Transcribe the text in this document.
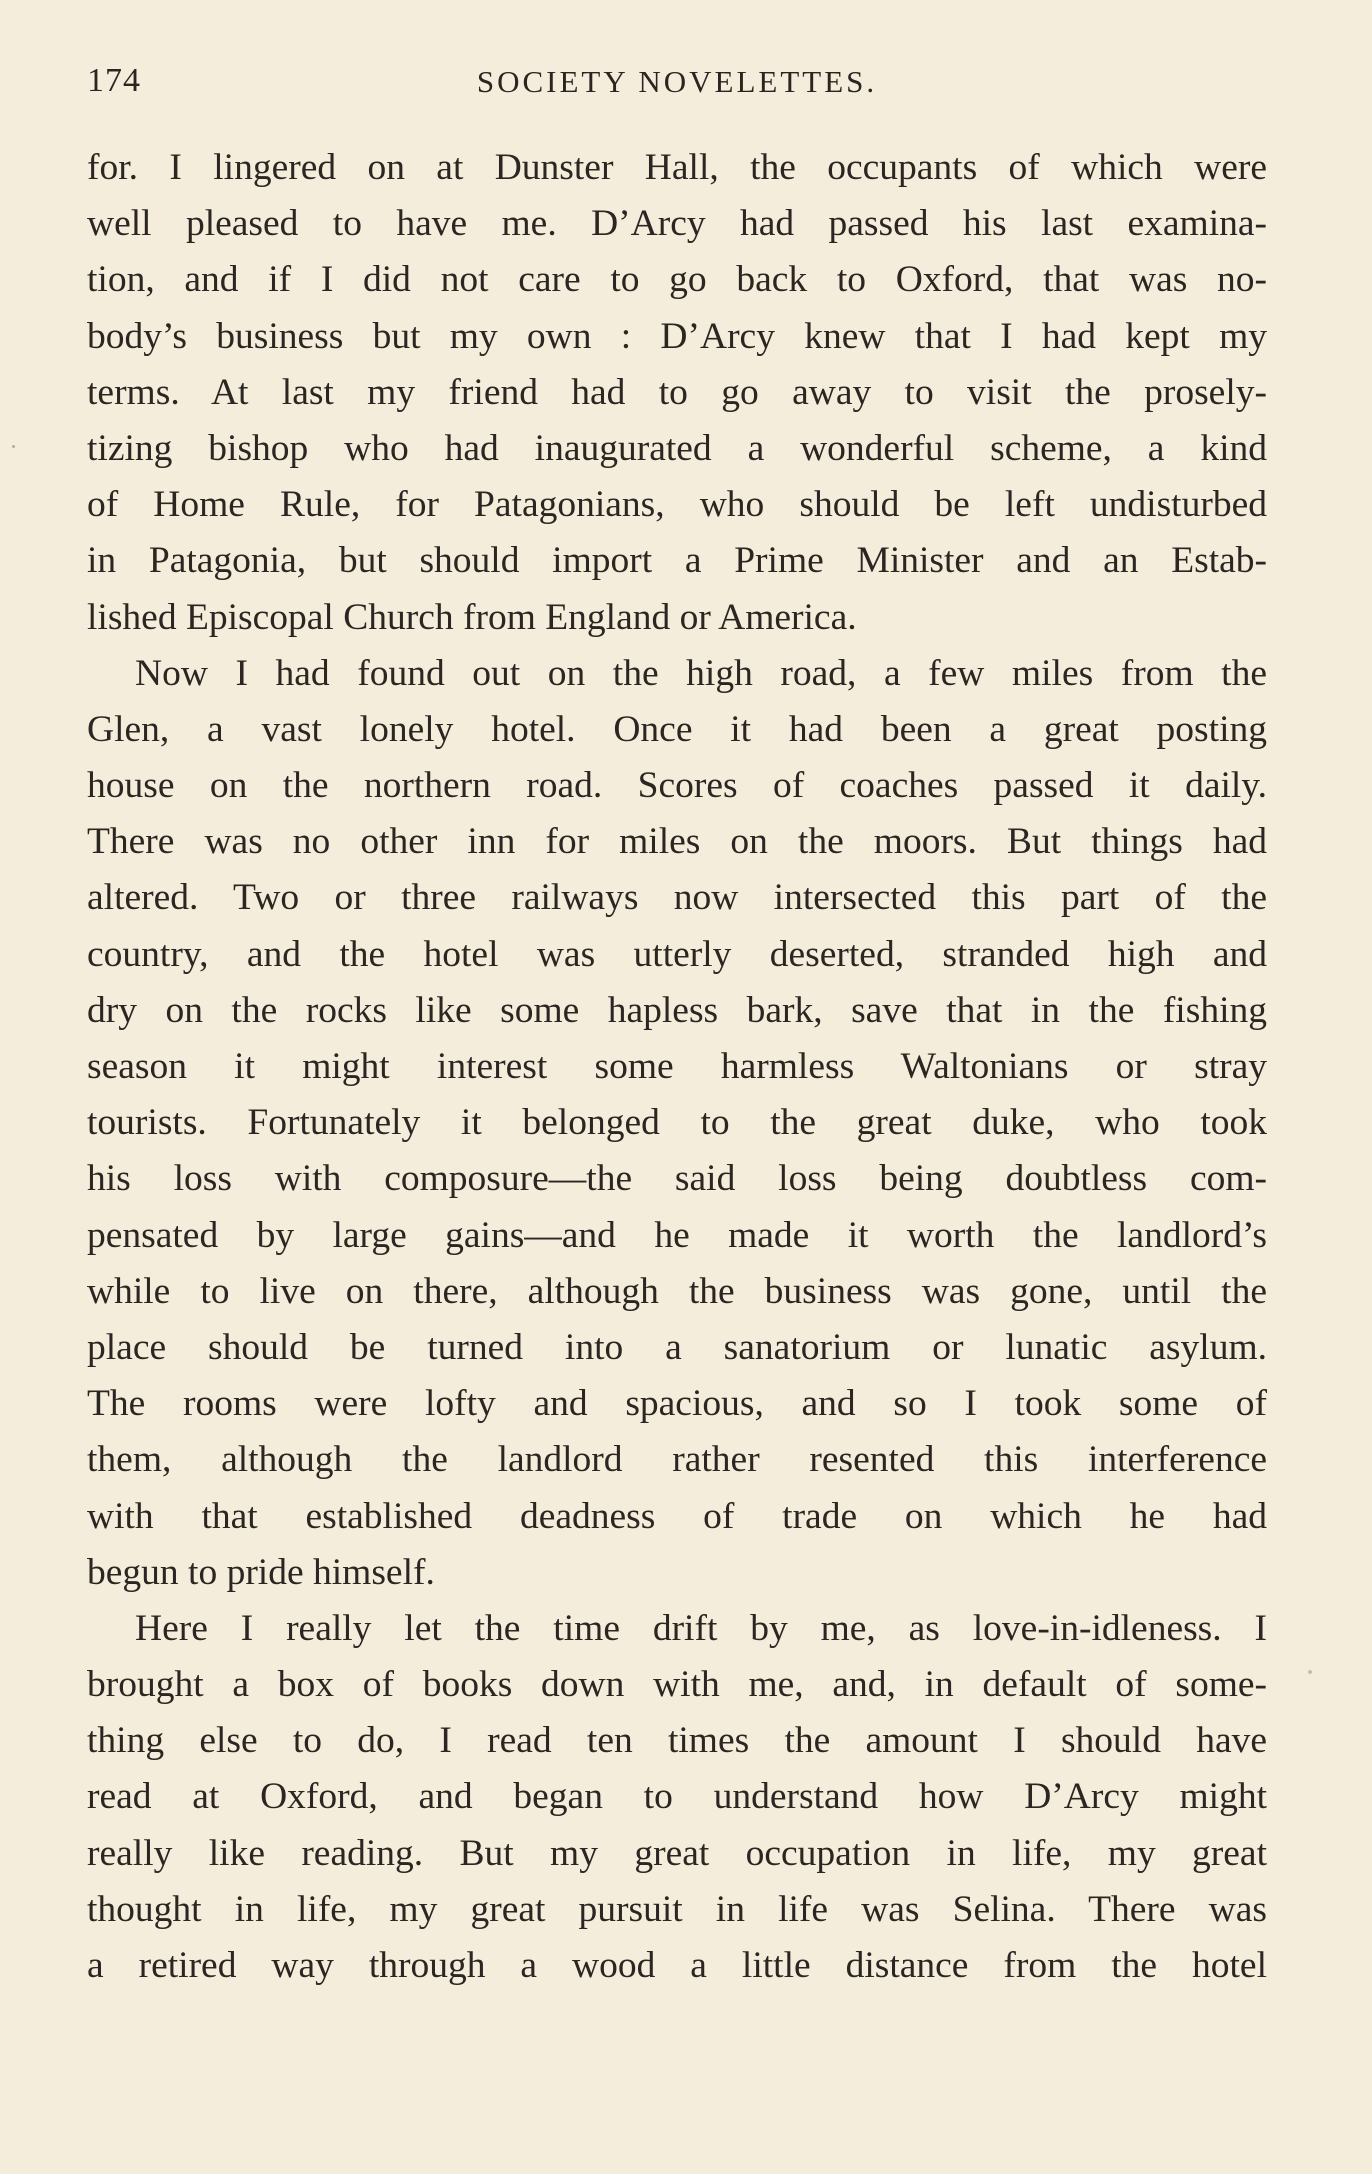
174	SOCIETY NOVELETTES.
for. I lingered on at Dunster Hall, the occupants of which were
well pleased to have me. D’Arcy had passed his last examina-
tion, and if I did not care to go back to Oxford, that was no-
body’s business but my own : D’Arcy knew that I had kept my
terms. At last my friend had to go away to visit the prosely-
tizing bishop who had inaugurated a wonderful scheme, a kind
of Home Rule, for Patagonians, who should be left undisturbed
in Patagonia, but should import a Prime Minister and an Estab-
lished Episcopal Church from England or America.
Now I had found out on the high road, a few miles from the
Glen, a vast lonely hotel. Once it had been a great posting
house on the northern road. Scores of coaches passed it daily.
There was no other inn for miles on the moors. But things had
altered. Two or three railways now intersected this part of the
country, and the hotel was utterly deserted, stranded high and
dry on the rocks like some hapless bark, save that in the fishing
season it might interest some harmless Waltonians or stray
tourists. Fortunately it belonged to the great duke, who took
his loss with composure—the said loss being doubtless com-
pensated by large gains—and he made it worth the landlord’s
while to live on there, although the business was gone, until the
place should be turned into a sanatorium or lunatic asylum.
The rooms were lofty and spacious, and so I took some of
them, although the landlord rather resented this interference
with that established deadness of trade on which he had
begun to pride himself.
Here I really let the time drift by me, as love-in-idleness. I
brought a box of books down with me, and, in default of some-
thing else to do, I read ten times the amount I should have
read at Oxford, and began to understand how D’Arcy might
really like reading. But my great occupation in life, my great
thought in life, my great pursuit in life was Selina. There was
a retired way through a wood a little distance from the hotel
